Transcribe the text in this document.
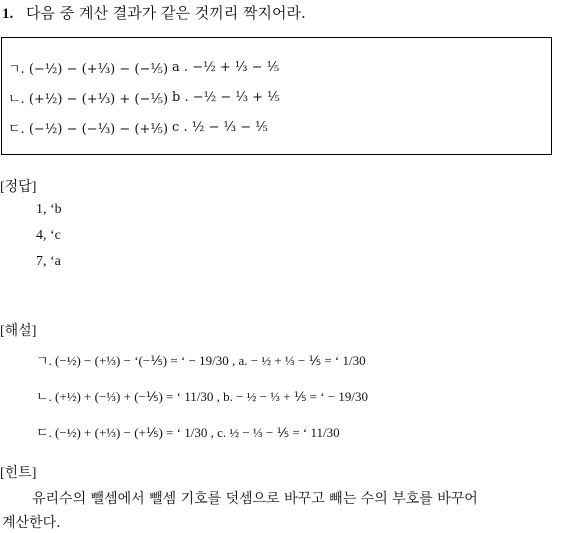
1. 다음 중 계산 결과가 같은 것끼리 짝지어라.
ㄱ. (−½) − (+⅓) − (−⅕) a . −½ + ⅓ − ⅕
ㄴ. (+½) − (+⅓) + (−⅕) b . −½ − ⅓ + ⅕
ㄷ. (−½) − (−⅓) − (+⅕) c . ½ − ⅓ − ⅕
[정답]
1, ‘b
4, ‘c
7, ‘a
[해설]
ㄱ. (−½) − (+⅓) − ‘(−⅕) = ‘ − 19/30 , a. − ½ + ⅓ − ⅕ = ‘ 1/30
ㄴ. (+½) + (−⅓) + (−⅕) = ‘ 11/30 , b. − ½ − ⅓ + ⅕ = ‘ − 19/30
ㄷ. (−½) + (+⅓) − (+⅕) = ‘ 1/30 , c. ½ − ⅓ − ⅕ = ‘ 11/30
[힌트]
유리수의 뺄셈에서 뺄셈 기호를 덧셈으로 바꾸고 빼는 수의 부호를 바꾸어
계산한다.
